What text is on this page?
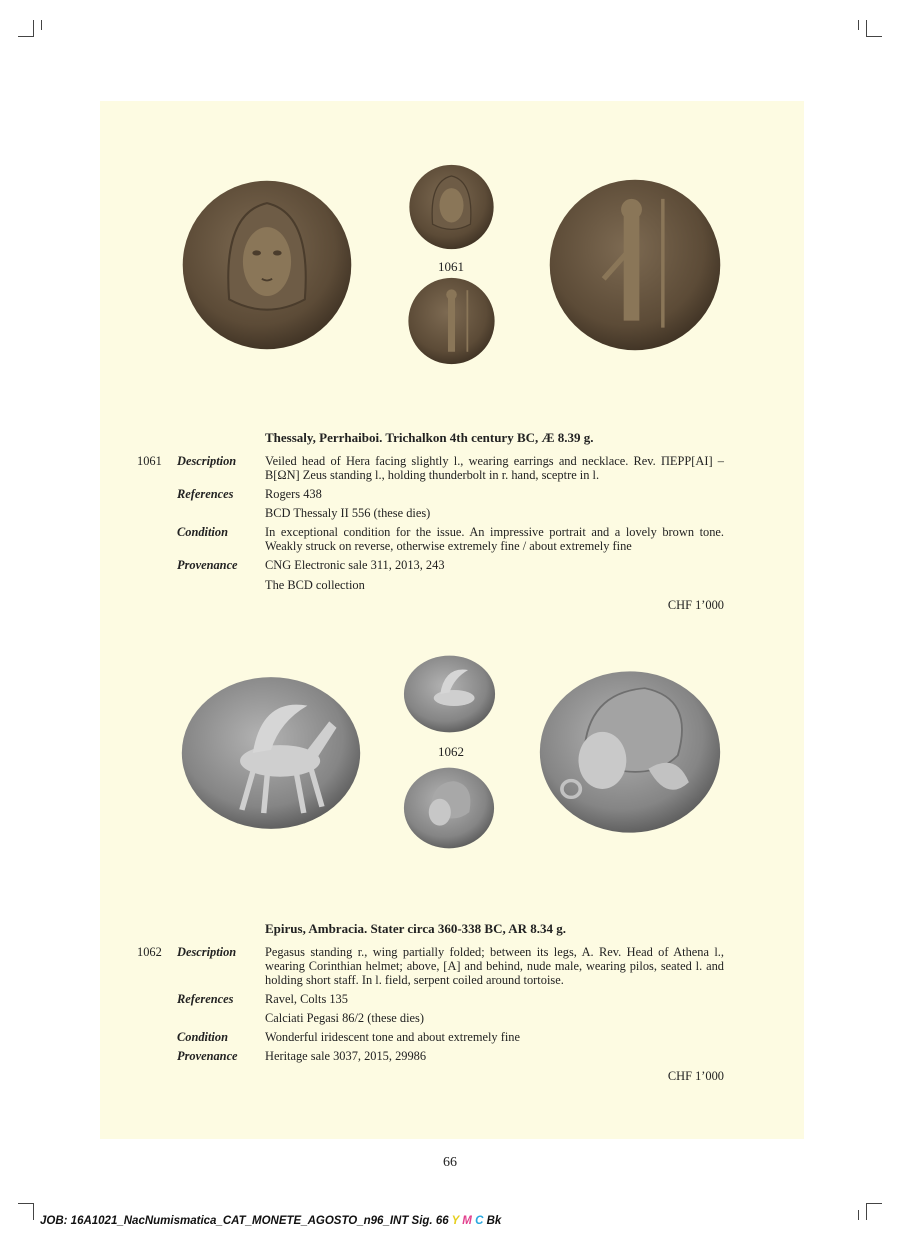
1061
Thessaly, Perrhaiboi. Trichalkon 4th century BC, Æ 8.39 g.
1061 Description Veiled head of Hera facing slightly l., wearing earrings and necklace. Rev. ΠΕΡΡ[ΑΙ] – Β[ΩΝ] Zeus standing l., holding thunderbolt in r. hand, sceptre in l.
References	Rogers 438
BCD Thessaly II 556 (these dies)
Condition	In exceptional condition for the issue. An impressive portrait and a lovely brown tone. Weakly struck on reverse, otherwise extremely fine / about extremely fine
Provenance CNG Electronic sale 311, 2013, 243
The BCD collection
CHF 1’000
1062
Epirus, Ambracia. Stater circa 360-338 BC, AR 8.34 g.
1062 Description Pegasus standing r., wing partially folded; between its legs, A. Rev. Head of Athena l., wearing Corinthian helmet; above, [A] and behind, nude male, wearing pilos, seated l. and holding short staff. In l. field, serpent coiled around tortoise.
References	Ravel, Colts 135
Calciati Pegasi 86/2 (these dies)
Condition	Wonderful iridescent tone and about extremely fine
Provenance Heritage sale 3037, 2015, 29986
CHF 1’000
66
JOB: 16A1021_NacNumismatica_CAT_MONETE_AGOSTO_n96_INT Sig. 66 Y M C Bk
